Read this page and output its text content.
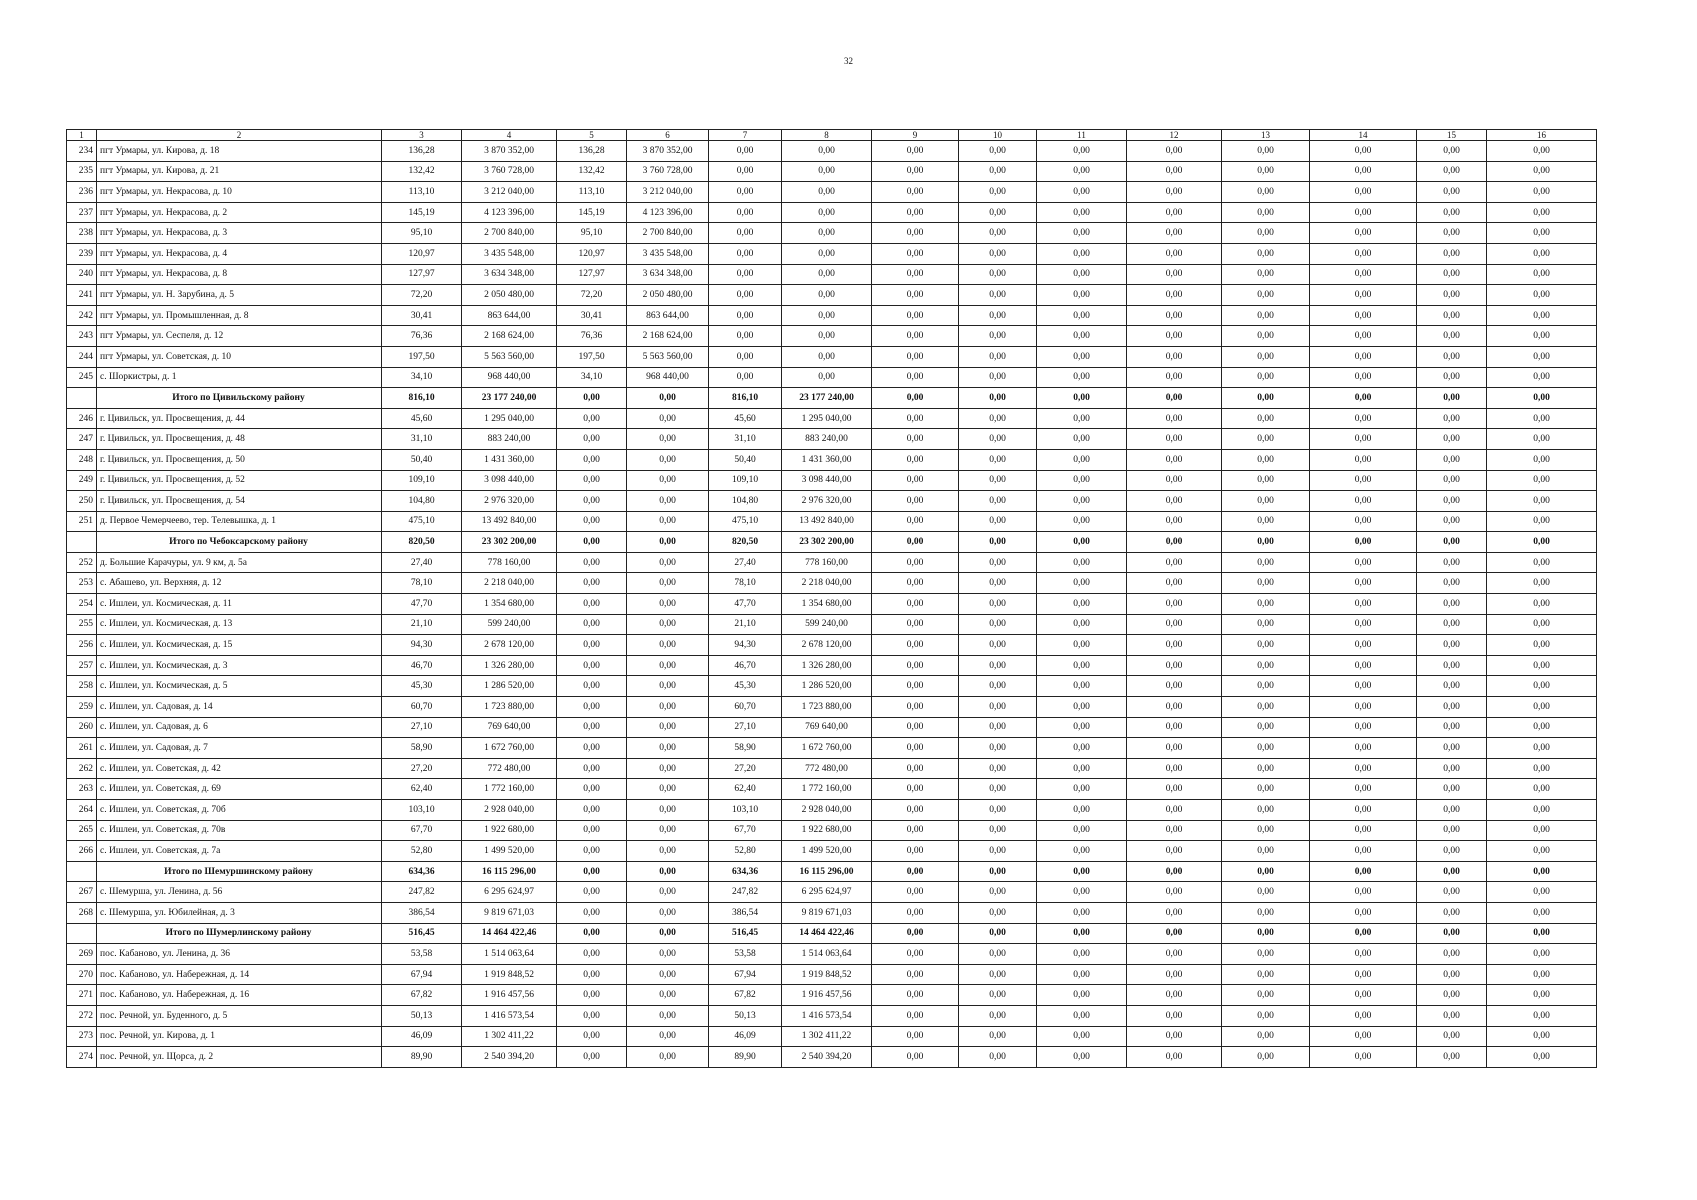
32
1	2	3	4	5	6	7	8	9	10	11	12	13	14	15	16
234	пгт Урмары, ул. Кирова, д. 18	136,28	3 870 352,00	136,28	3 870 352,00	0,00	0,00	0,00	0,00	0,00	0,00	0,00	0,00	0,00	0,00
235	пгт Урмары, ул. Кирова, д. 21	132,42	3 760 728,00	132,42	3 760 728,00	0,00	0,00	0,00	0,00	0,00	0,00	0,00	0,00	0,00	0,00
236	пгт Урмары, ул. Некрасова, д. 10	113,10	3 212 040,00	113,10	3 212 040,00	0,00	0,00	0,00	0,00	0,00	0,00	0,00	0,00	0,00	0,00
237	пгт Урмары, ул. Некрасова, д. 2	145,19	4 123 396,00	145,19	4 123 396,00	0,00	0,00	0,00	0,00	0,00	0,00	0,00	0,00	0,00	0,00
238	пгт Урмары, ул. Некрасова, д. 3	95,10	2 700 840,00	95,10	2 700 840,00	0,00	0,00	0,00	0,00	0,00	0,00	0,00	0,00	0,00	0,00
239	пгт Урмары, ул. Некрасова, д. 4	120,97	3 435 548,00	120,97	3 435 548,00	0,00	0,00	0,00	0,00	0,00	0,00	0,00	0,00	0,00	0,00
240	пгт Урмары, ул. Некрасова, д. 8	127,97	3 634 348,00	127,97	3 634 348,00	0,00	0,00	0,00	0,00	0,00	0,00	0,00	0,00	0,00	0,00
241	пгт Урмары, ул. Н. Зарубина, д. 5	72,20	2 050 480,00	72,20	2 050 480,00	0,00	0,00	0,00	0,00	0,00	0,00	0,00	0,00	0,00	0,00
242	пгт Урмары, ул. Промышленная, д. 8	30,41	863 644,00	30,41	863 644,00	0,00	0,00	0,00	0,00	0,00	0,00	0,00	0,00	0,00	0,00
243	пгт Урмары, ул. Сеспеля, д. 12	76,36	2 168 624,00	76,36	2 168 624,00	0,00	0,00	0,00	0,00	0,00	0,00	0,00	0,00	0,00	0,00
244	пгт Урмары, ул. Советская, д. 10	197,50	5 563 560,00	197,50	5 563 560,00	0,00	0,00	0,00	0,00	0,00	0,00	0,00	0,00	0,00	0,00
245	с. Шоркистры, д. 1	34,10	968 440,00	34,10	968 440,00	0,00	0,00	0,00	0,00	0,00	0,00	0,00	0,00	0,00	0,00
	Итого по Цивильскому району	816,10	23 177 240,00	0,00	0,00	816,10	23 177 240,00	0,00	0,00	0,00	0,00	0,00	0,00	0,00	0,00
246	г. Цивильск, ул. Просвещения, д. 44	45,60	1 295 040,00	0,00	0,00	45,60	1 295 040,00	0,00	0,00	0,00	0,00	0,00	0,00	0,00	0,00
247	г. Цивильск, ул. Просвещения, д. 48	31,10	883 240,00	0,00	0,00	31,10	883 240,00	0,00	0,00	0,00	0,00	0,00	0,00	0,00	0,00
248	г. Цивильск, ул. Просвещения, д. 50	50,40	1 431 360,00	0,00	0,00	50,40	1 431 360,00	0,00	0,00	0,00	0,00	0,00	0,00	0,00	0,00
249	г. Цивильск, ул. Просвещения, д. 52	109,10	3 098 440,00	0,00	0,00	109,10	3 098 440,00	0,00	0,00	0,00	0,00	0,00	0,00	0,00	0,00
250	г. Цивильск, ул. Просвещения, д. 54	104,80	2 976 320,00	0,00	0,00	104,80	2 976 320,00	0,00	0,00	0,00	0,00	0,00	0,00	0,00	0,00
251	д. Первое Чемерчеево, тер. Телевышка, д. 1	475,10	13 492 840,00	0,00	0,00	475,10	13 492 840,00	0,00	0,00	0,00	0,00	0,00	0,00	0,00	0,00
	Итого по Чебоксарскому району	820,50	23 302 200,00	0,00	0,00	820,50	23 302 200,00	0,00	0,00	0,00	0,00	0,00	0,00	0,00	0,00
252	д. Большие Карачуры, ул. 9 км, д. 5а	27,40	778 160,00	0,00	0,00	27,40	778 160,00	0,00	0,00	0,00	0,00	0,00	0,00	0,00	0,00
253	с. Абашево, ул. Верхняя, д. 12	78,10	2 218 040,00	0,00	0,00	78,10	2 218 040,00	0,00	0,00	0,00	0,00	0,00	0,00	0,00	0,00
254	с. Ишлеи, ул. Космическая, д. 11	47,70	1 354 680,00	0,00	0,00	47,70	1 354 680,00	0,00	0,00	0,00	0,00	0,00	0,00	0,00	0,00
255	с. Ишлеи, ул. Космическая, д. 13	21,10	599 240,00	0,00	0,00	21,10	599 240,00	0,00	0,00	0,00	0,00	0,00	0,00	0,00	0,00
256	с. Ишлеи, ул. Космическая, д. 15	94,30	2 678 120,00	0,00	0,00	94,30	2 678 120,00	0,00	0,00	0,00	0,00	0,00	0,00	0,00	0,00
257	с. Ишлеи, ул. Космическая, д. 3	46,70	1 326 280,00	0,00	0,00	46,70	1 326 280,00	0,00	0,00	0,00	0,00	0,00	0,00	0,00	0,00
258	с. Ишлеи, ул. Космическая, д. 5	45,30	1 286 520,00	0,00	0,00	45,30	1 286 520,00	0,00	0,00	0,00	0,00	0,00	0,00	0,00	0,00
259	с. Ишлеи, ул. Садовая, д. 14	60,70	1 723 880,00	0,00	0,00	60,70	1 723 880,00	0,00	0,00	0,00	0,00	0,00	0,00	0,00	0,00
260	с. Ишлеи, ул. Садовая, д. 6	27,10	769 640,00	0,00	0,00	27,10	769 640,00	0,00	0,00	0,00	0,00	0,00	0,00	0,00	0,00
261	с. Ишлеи, ул. Садовая, д. 7	58,90	1 672 760,00	0,00	0,00	58,90	1 672 760,00	0,00	0,00	0,00	0,00	0,00	0,00	0,00	0,00
262	с. Ишлеи, ул. Советская, д. 42	27,20	772 480,00	0,00	0,00	27,20	772 480,00	0,00	0,00	0,00	0,00	0,00	0,00	0,00	0,00
263	с. Ишлеи, ул. Советская, д. 69	62,40	1 772 160,00	0,00	0,00	62,40	1 772 160,00	0,00	0,00	0,00	0,00	0,00	0,00	0,00	0,00
264	с. Ишлеи, ул. Советская, д. 70б	103,10	2 928 040,00	0,00	0,00	103,10	2 928 040,00	0,00	0,00	0,00	0,00	0,00	0,00	0,00	0,00
265	с. Ишлеи, ул. Советская, д. 70в	67,70	1 922 680,00	0,00	0,00	67,70	1 922 680,00	0,00	0,00	0,00	0,00	0,00	0,00	0,00	0,00
266	с. Ишлеи, ул. Советская, д. 7а	52,80	1 499 520,00	0,00	0,00	52,80	1 499 520,00	0,00	0,00	0,00	0,00	0,00	0,00	0,00	0,00
	Итого по Шемуршинскому району	634,36	16 115 296,00	0,00	0,00	634,36	16 115 296,00	0,00	0,00	0,00	0,00	0,00	0,00	0,00	0,00
267	с. Шемурша, ул. Ленина, д. 56	247,82	6 295 624,97	0,00	0,00	247,82	6 295 624,97	0,00	0,00	0,00	0,00	0,00	0,00	0,00	0,00
268	с. Шемурша, ул. Юбилейная, д. 3	386,54	9 819 671,03	0,00	0,00	386,54	9 819 671,03	0,00	0,00	0,00	0,00	0,00	0,00	0,00	0,00
	Итого по Шумерлинскому району	516,45	14 464 422,46	0,00	0,00	516,45	14 464 422,46	0,00	0,00	0,00	0,00	0,00	0,00	0,00	0,00
269	пос. Кабаново, ул. Ленина, д. 36	53,58	1 514 063,64	0,00	0,00	53,58	1 514 063,64	0,00	0,00	0,00	0,00	0,00	0,00	0,00	0,00
270	пос. Кабаново, ул. Набережная, д. 14	67,94	1 919 848,52	0,00	0,00	67,94	1 919 848,52	0,00	0,00	0,00	0,00	0,00	0,00	0,00	0,00
271	пос. Кабаново, ул. Набережная, д. 16	67,82	1 916 457,56	0,00	0,00	67,82	1 916 457,56	0,00	0,00	0,00	0,00	0,00	0,00	0,00	0,00
272	пос. Речной, ул. Буденного, д. 5	50,13	1 416 573,54	0,00	0,00	50,13	1 416 573,54	0,00	0,00	0,00	0,00	0,00	0,00	0,00	0,00
273	пос. Речной, ул. Кирова, д. 1	46,09	1 302 411,22	0,00	0,00	46,09	1 302 411,22	0,00	0,00	0,00	0,00	0,00	0,00	0,00	0,00
274	пос. Речной, ул. Щорса, д. 2	89,90	2 540 394,20	0,00	0,00	89,90	2 540 394,20	0,00	0,00	0,00	0,00	0,00	0,00	0,00	0,00
